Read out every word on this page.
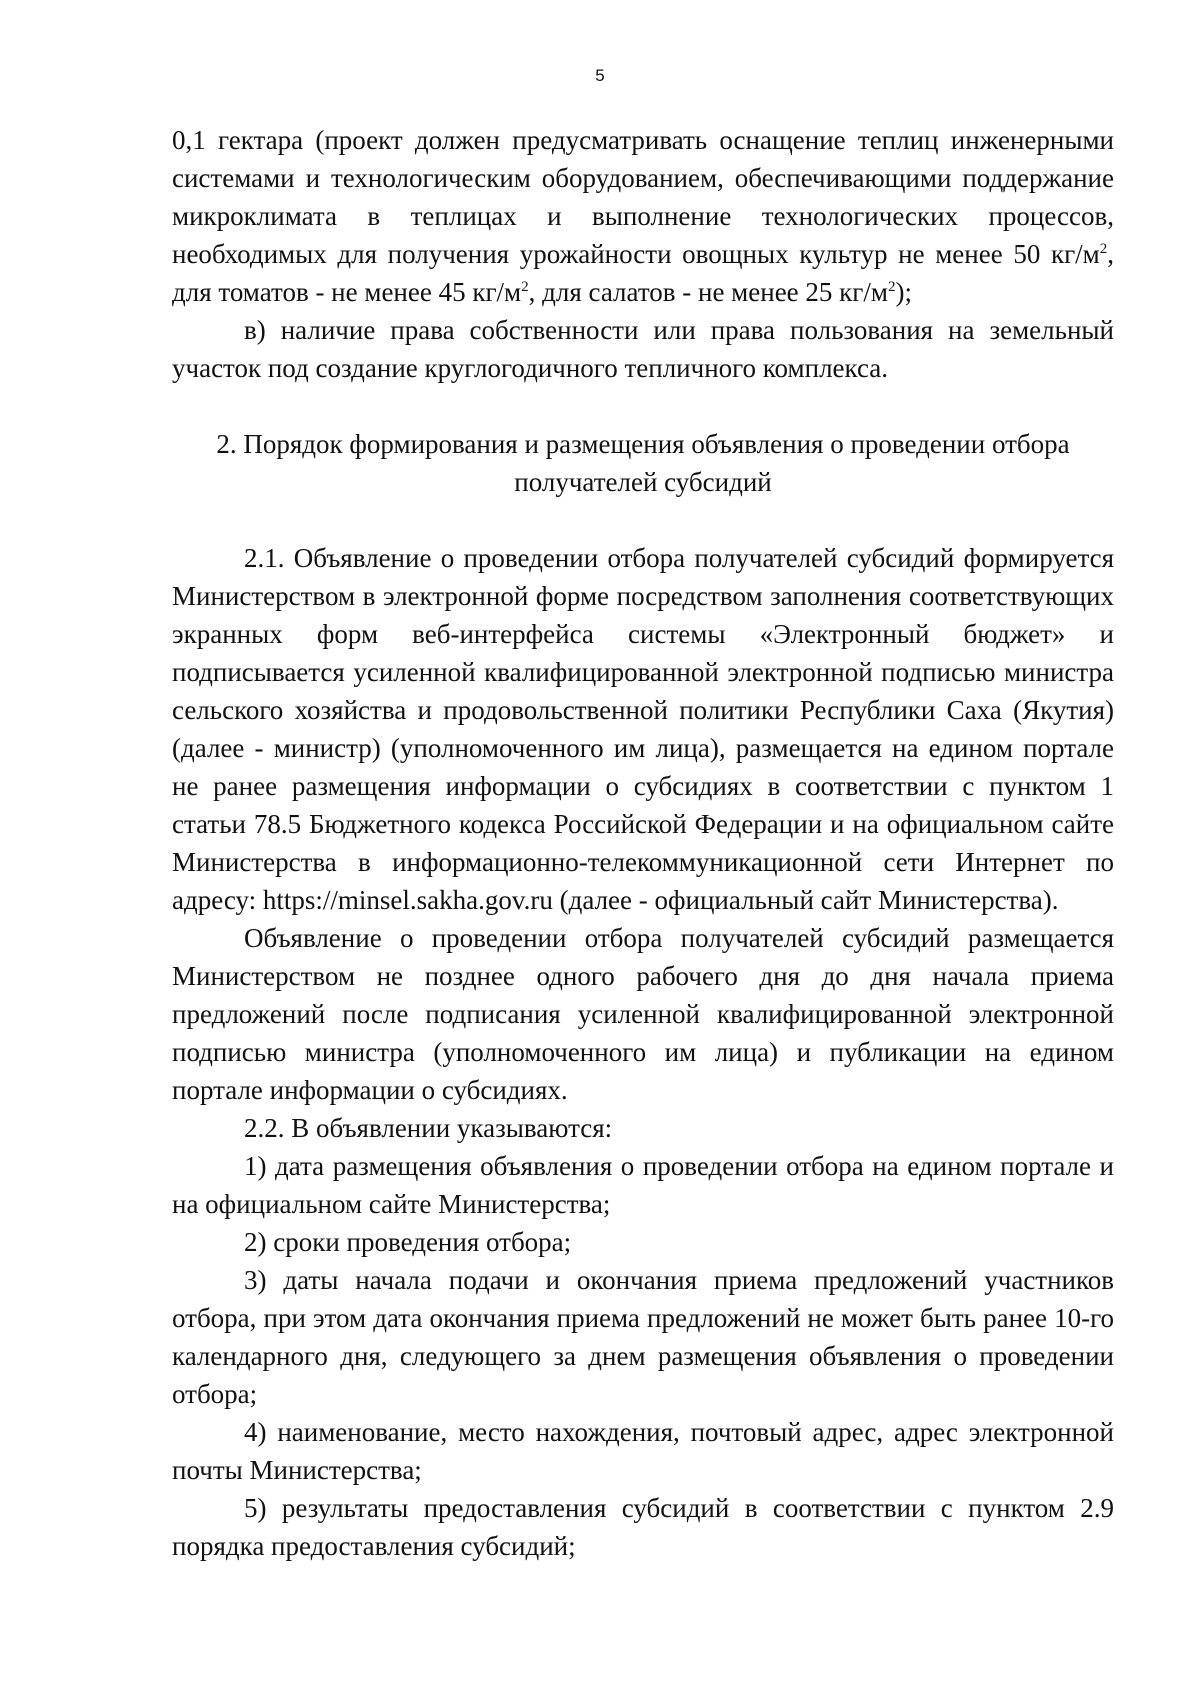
5

0,1 гектара (проект должен предусматривать оснащение теплиц инженерными системами и технологическим оборудованием, обеспечивающими поддержание микроклимата в теплицах и выполнение технологических процессов, необходимых для получения урожайности овощных культур не менее 50 $кг/м^2$, для томатов - не менее 45 $кг/м^2$, для салатов - не менее 25 $кг/м^2$);

в) наличие права собственности или права пользования на земельный участок под создание круглогодичного тепличного комплекса.

2. Порядок формирования и размещения объявления о проведении отбора
получателей субсидий

2.1. Объявление о проведении отбора получателей субсидий формируется Министерством в электронной форме посредством заполнения соответствующих экранных форм веб-интерфейса системы «Электронный бюджет» и подписывается усиленной квалифицированной электронной подписью министра сельского хозяйства и продовольственной политики Республики Саха (Якутия) (далее - министр) (уполномоченного им лица), размещается на едином портале не ранее размещения информации о субсидиях в соответствии с пунктом 1 статьи 78.5 Бюджетного кодекса Российской Федерации и на официальном сайте Министерства в информационно-телекоммуникационной сети Интернет по адресу: https://minsel.sakha.gov.ru (далее - официальный сайт Министерства).

Объявление о проведении отбора получателей субсидий размещается Министерством не позднее одного рабочего дня до дня начала приема предложений после подписания усиленной квалифицированной электронной подписью министра (уполномоченного им лица) и публикации на едином портале информации о субсидиях.

2.2. В объявлении указываются:

1) дата размещения объявления о проведении отбора на едином портале и на официальном сайте Министерства;

2) сроки проведения отбора;

3) даты начала подачи и окончания приема предложений участников отбора, при этом дата окончания приема предложений не может быть ранее 10-го календарного дня, следующего за днем размещения объявления о проведении отбора;

4) наименование, место нахождения, почтовый адрес, адрес электронной почты Министерства;

5) результаты предоставления субсидий в соответствии с пунктом 2.9 порядка предоставления субсидий;
